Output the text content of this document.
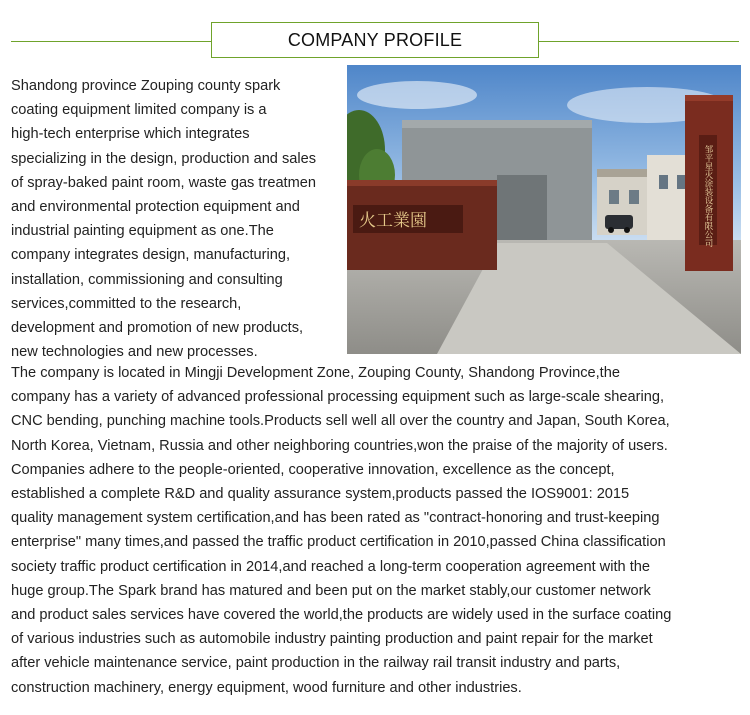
COMPANY PROFILE
Shandong province Zouping county spark
coating equipment limited company is a
high-tech enterprise which integrates
specializing in the design, production and sales
of spray-baked paint room, waste gas treatmen
and environmental protection equipment and
industrial painting equipment as one.The
company integrates design, manufacturing,
installation, commissioning and consulting
services,committed to the research,
development and promotion of new products,
new technologies and new processes.
火工業園	邹平星火涂装设备有限公司
The company is located in Mingji Development Zone, Zouping County, Shandong Province,the
company has a variety of advanced professional processing equipment such as large-scale shearing,
CNC bending, punching machine tools.Products sell well all over the country and Japan, South Korea,
North Korea, Vietnam, Russia and other neighboring countries,won the praise of the majority of users.
Companies adhere to the people-oriented, cooperative innovation, excellence as the concept,
established a complete R&D and quality assurance system,products passed the IOS9001: 2015
quality management system certification,and has been rated as "contract-honoring and trust-keeping
enterprise" many times,and passed the traffic product certification in 2010,passed China classification
society traffic product certification in 2014,and reached a long-term cooperation agreement with the
huge group.The Spark brand has matured and been put on the market stably,our customer network
and product sales services have covered the world,the products are widely used in the surface coating
of various industries such as automobile industry painting production and paint repair for the market
after vehicle maintenance service, paint production in the railway rail transit industry and parts,
construction machinery, energy equipment, wood furniture and other industries.
